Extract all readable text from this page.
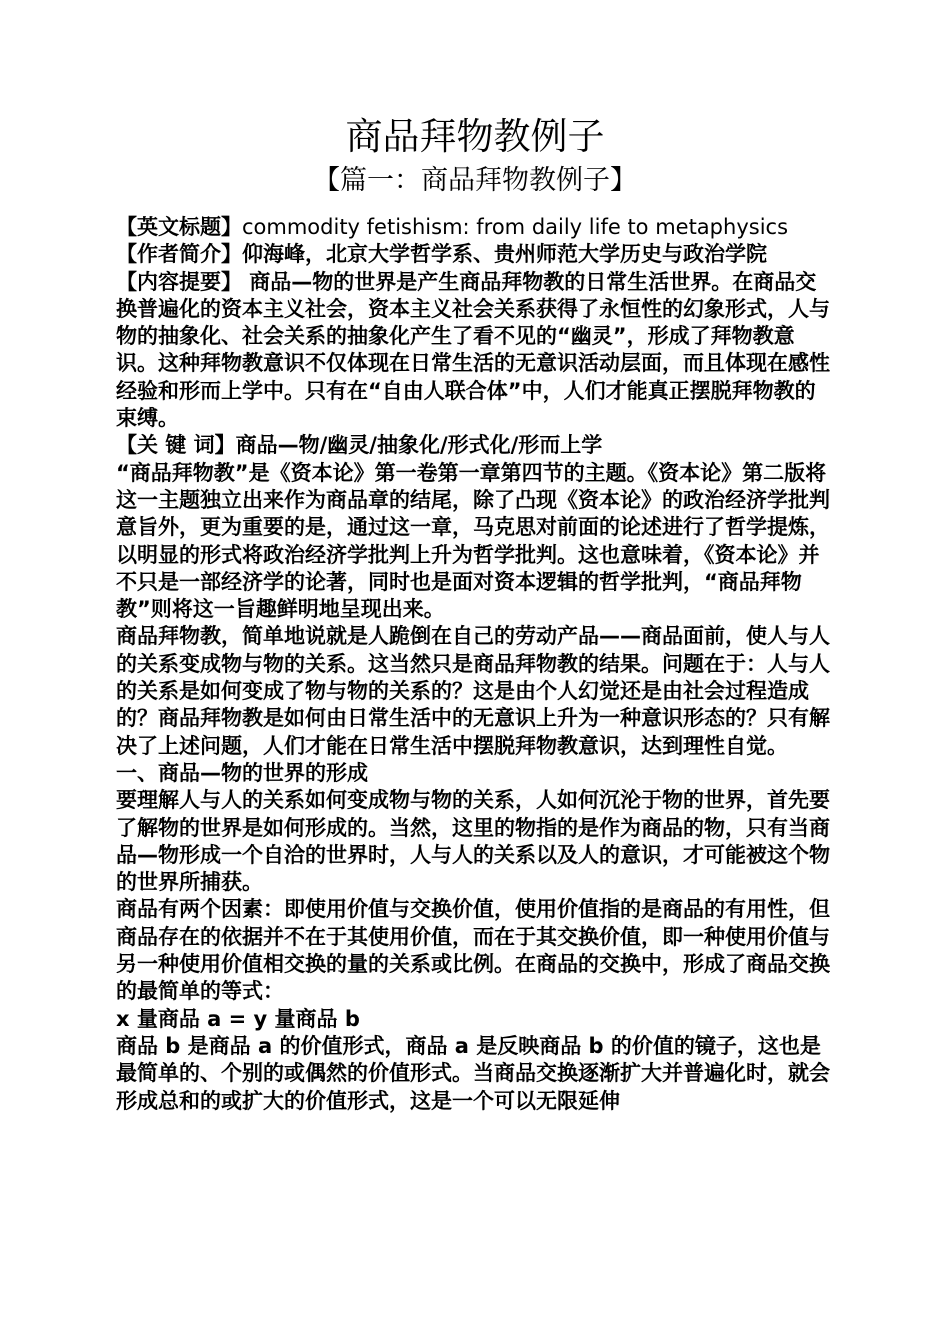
商品拜物教例子
【篇一：商品拜物教例子】

【英文标题】commodity fetishism: from daily life to metaphysics

【作者简介】仰海峰，北京大学哲学系、贵州师范大学历史与政治学院

【内容提要】 商品—物的世界是产生商品拜物教的日常生活世界。在商品交换普遍化的资本主义社会，资本主义社会关系获得了永恒性的幻象形式，人与物的抽象化、社会关系的抽象化产生了看不见的“幽灵”，形成了拜物教意识。这种拜物教意识不仅体现在日常生活的无意识活动层面，而且体现在感性经验和形而上学中。只有在“自由人联合体”中，人们才能真正摆脱拜物教的束缚。

【关 键 词】商品—物/幽灵/抽象化/形式化/形而上学

“商品拜物教”是《资本论》第一卷第一章第四节的主题。《资本论》第二版将这一主题独立出来作为商品章的结尾，除了凸现《资本论》的政治经济学批判意旨外，更为重要的是，通过这一章，马克思对前面的论述进行了哲学提炼，以明显的形式将政治经济学批判上升为哲学批判。这也意味着，《资本论》并不只是一部经济学的论著，同时也是面对资本逻辑的哲学批判，“商品拜物教”则将这一旨趣鲜明地呈现出来。

商品拜物教，简单地说就是人跪倒在自己的劳动产品——商品面前，使人与人的关系变成物与物的关系。这当然只是商品拜物教的结果。问题在于：人与人的关系是如何变成了物与物的关系的？这是由个人幻觉还是由社会过程造成的？商品拜物教是如何由日常生活中的无意识上升为一种意识形态的？只有解决了上述问题，人们才能在日常生活中摆脱拜物教意识，达到理性自觉。

一、商品—物的世界的形成

要理解人与人的关系如何变成物与物的关系，人如何沉沦于物的世界，首先要了解物的世界是如何形成的。当然，这里的物指的是作为商品的物，只有当商品—物形成一个自洽的世界时，人与人的关系以及人的意识，才可能被这个物的世界所捕获。

商品有两个因素：即使用价值与交换价值，使用价值指的是商品的有用性，但商品存在的依据并不在于其使用价值，而在于其交换价值，即一种使用价值与另一种使用价值相交换的量的关系或比例。在商品的交换中，形成了商品交换的最简单的等式：

x 量商品 a = y 量商品 b

商品 b 是商品 a 的价值形式，商品 a 是反映商品 b 的价值的镜子，这也是最简单的、个别的或偶然的价值形式。当商品交换逐渐扩大并普遍化时，就会形成总和的或扩大的价值形式，这是一个可以无限延伸
